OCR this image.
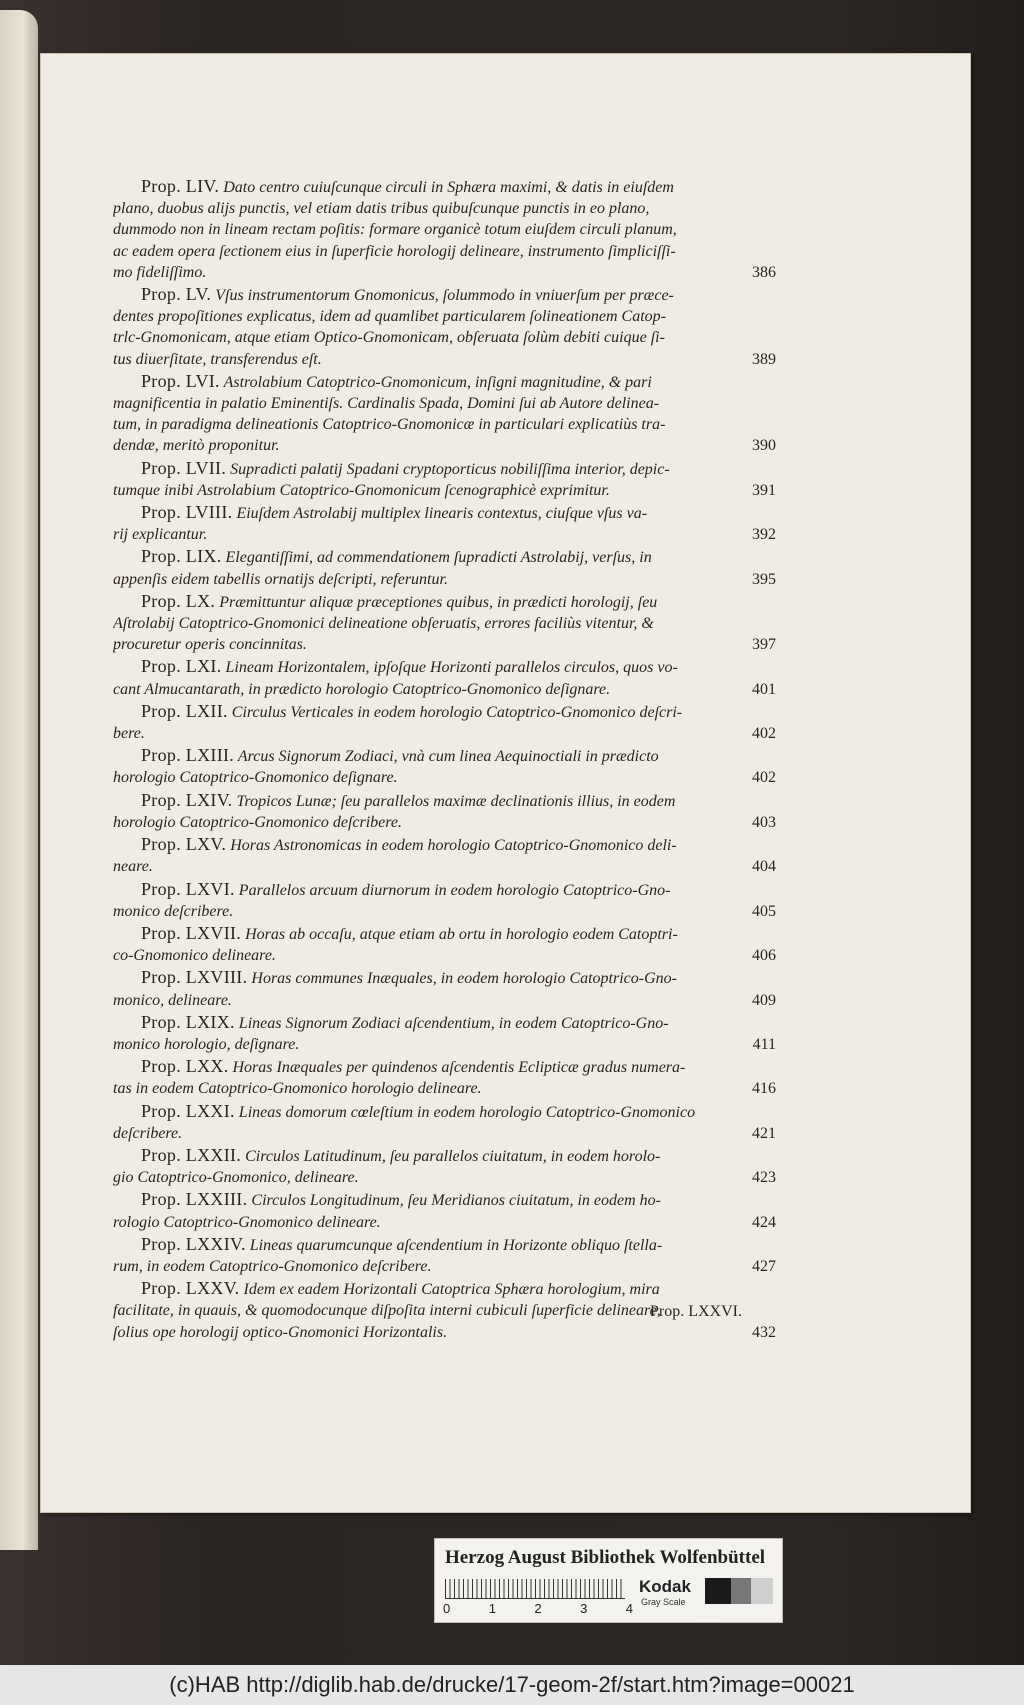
Prop. LIV. Dato centro cuiuſcunque circuli in Sphæra maximi, & datis in eiuſdem
plano, duobus alijs punctis, vel etiam datis tribus quibuſcunque punctis in eo plano,
dummodo non in lineam rectam poſitis: formare organicè totum eiuſdem circuli planum,
ac eadem opera ſectionem eius in ſuperficie horologij delineare, instrumento ſimpliciſſi-
mo fideliſſimo.	386
Prop. LV. Vſus instrumentorum Gnomonicus, ſolummodo in vniuerſum per præce-
dentes propoſitiones explicatus, idem ad quamlibet particularem ſolineationem Catop-
trlc-Gnomonicam, atque etiam Optico-Gnomonicam, obſeruata ſolùm debiti cuique ſi-
tus diuerſitate, transferendus eſt.	389
Prop. LVI. Astrolabium Catoptrico-Gnomonicum, inſigni magnitudine, & pari
magnificentia in palatio Eminentiſs. Cardinalis Spada, Domini ſui ab Autore delinea-
tum, in paradigma delineationis Catoptrico-Gnomonicæ in particulari explicatiùs tra-
dendæ, meritò proponitur.	390
Prop. LVII. Supradicti palatij Spadani cryptoporticus nobiliſſima interior, depic-
tumque inibi Astrolabium Catoptrico-Gnomonicum ſcenographicè exprimitur.	391
Prop. LVIII. Eiuſdem Astrolabij multiplex linearis contextus, ciuſque vſus va-
rij explicantur.	392
Prop. LIX. Elegantiſſimi, ad commendationem ſupradicti Astrolabij, verſus, in
appenſis eidem tabellis ornatijs deſcripti, referuntur.	395
Prop. LX. Præmittuntur aliquæ præceptiones quibus, in prædicti horologij, ſeu
Aſtrolabij Catoptrico-Gnomonici delineatione obſeruatis, errores faciliùs vitentur, &
procuretur operis concinnitas.	397
Prop. LXI. Lineam Horizontalem, ipſoſque Horizonti parallelos circulos, quos vo-
cant Almucantarath, in prædicto horologio Catoptrico-Gnomonico deſignare.	401
Prop. LXII. Circulus Verticales in eodem horologio Catoptrico-Gnomonico deſcri-
bere.	402
Prop. LXIII. Arcus Signorum Zodiaci, vnà cum linea Aequinoctiali in prædicto
horologio Catoptrico-Gnomonico deſignare.	402
Prop. LXIV. Tropicos Lunæ; ſeu parallelos maximæ declinationis illius, in eodem
horologio Catoptrico-Gnomonico deſcribere.	403
Prop. LXV. Horas Astronomicas in eodem horologio Catoptrico-Gnomonico deli-
neare.	404
Prop. LXVI. Parallelos arcuum diurnorum in eodem horologio Catoptrico-Gno-
monico deſcribere.	405
Prop. LXVII. Horas ab occaſu, atque etiam ab ortu in horologio eodem Catoptri-
co-Gnomonico delineare.	406
Prop. LXVIII. Horas communes Inæquales, in eodem horologio Catoptrico-Gno-
monico, delineare.	409
Prop. LXIX. Lineas Signorum Zodiaci aſcendentium, in eodem Catoptrico-Gno-
monico horologio, deſignare.	411
Prop. LXX. Horas Inæquales per quindenos aſcendentis Eclipticæ gradus numera-
tas in eodem Catoptrico-Gnomonico horologio delineare.	416
Prop. LXXI. Lineas domorum cœleſtium in eodem horologio Catoptrico-Gnomonico
deſcribere.	421
Prop. LXXII. Circulos Latitudinum, ſeu parallelos ciuitatum, in eodem horolo-
gio Catoptrico-Gnomonico, delineare.	423
Prop. LXXIII. Circulos Longitudinum, ſeu Meridianos ciuitatum, in eodem ho-
rologio Catoptrico-Gnomonico delineare.	424
Prop. LXXIV. Lineas quarumcunque aſcendentium in Horizonte obliquo ſtella-
rum, in eodem Catoptrico-Gnomonico deſcribere.	427
Prop. LXXV. Idem ex eadem Horizontali Catoptrica Sphæra horologium, mira
facilitate, in quauis, & quomodocunque diſpoſita interni cubiculi ſuperficie delineare,
ſolius ope horologij optico-Gnomonici Horizontalis.	432
Prop. LXXVI.
Herzog August Bibliothek Wolfenbüttel
0	1	2	3	4
Kodak
Gray Scale
(c)HAB http://diglib.hab.de/drucke/17-geom-2f/start.htm?image=00021
